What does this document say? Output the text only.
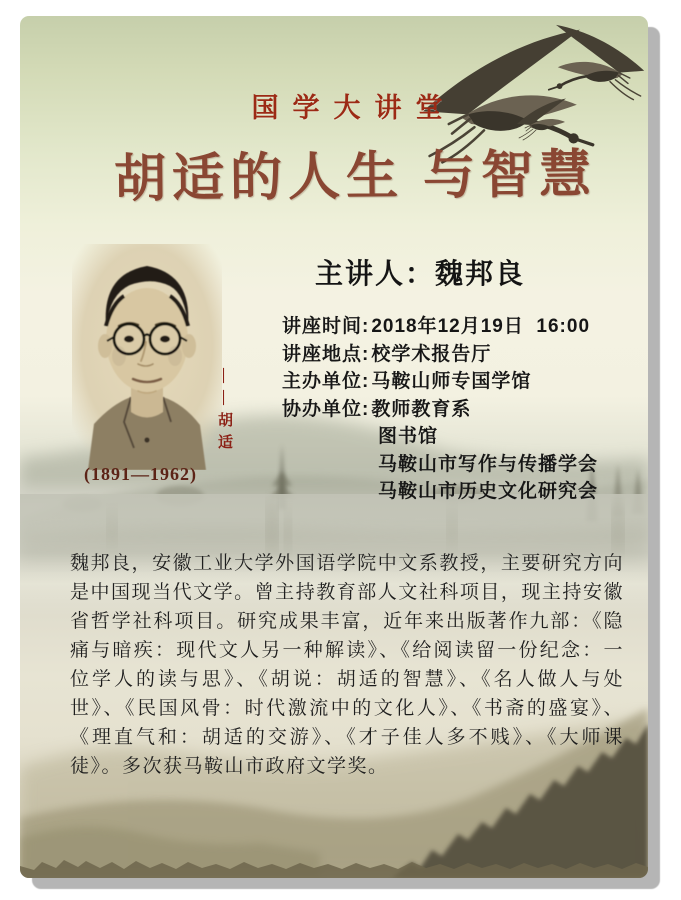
国学大讲堂
胡适的人生 与智慧
主讲人：魏邦良
讲座时间: 2018年12月19日  16:00
讲座地点: 校学术报告厅
主办单位: 马鞍山师专国学馆
协办单位: 教师教育系
图书馆
马鞍山市写作与传播学会
马鞍山市历史文化研究会
——胡适
(1891—1962)
魏邦良，安徽工业大学外国语学院中文系教授，主要研究方向是中国现当代文学。曾主持教育部人文社科项目，现主持安徽省哲学社科项目。研究成果丰富，近年来出版著作九部：《隐痛与暗疾：现代文人另一种解读》、《给阅读留一份纪念：一位学人的读与思》、《胡说：胡适的智慧》、《名人做人与处世》、《民国风骨：时代激流中的文化人》、《书斋的盛宴》、《理直气和：胡适的交游》、《才子佳人多不贱》、《大师课徒》。多次获马鞍山市政府文学奖。
